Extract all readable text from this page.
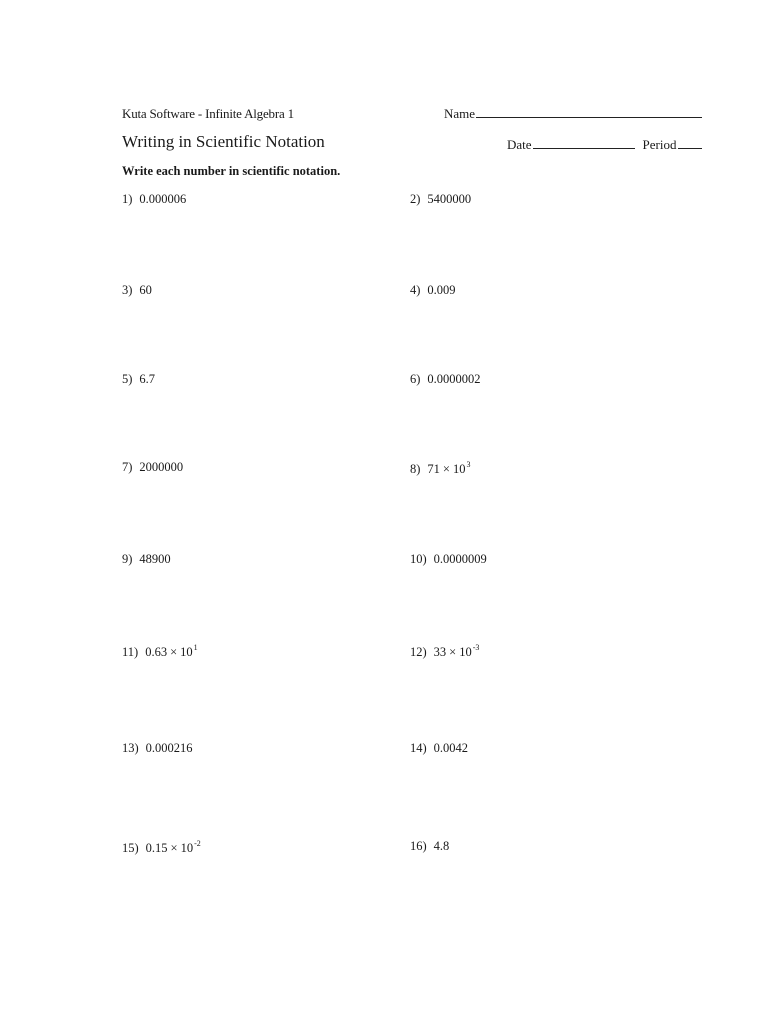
Kuta Software - Infinite Algebra 1
Writing in Scientific Notation
Write each number in scientific notation.
Name
Date	Period
1) 0.000006	2) 5400000
3) 60	4) 0.009
5) 6.7	6) 0.0000002
7) 2000000	8) $71 \times 10^3$
9) 48900	10) 0.0000009
11) $0.63 \times 10^1$	12) $33 \times 10^{-3}$
13) 0.000216	14) 0.0042
15) $0.15 \times 10^{-2}$	16) 4.8
